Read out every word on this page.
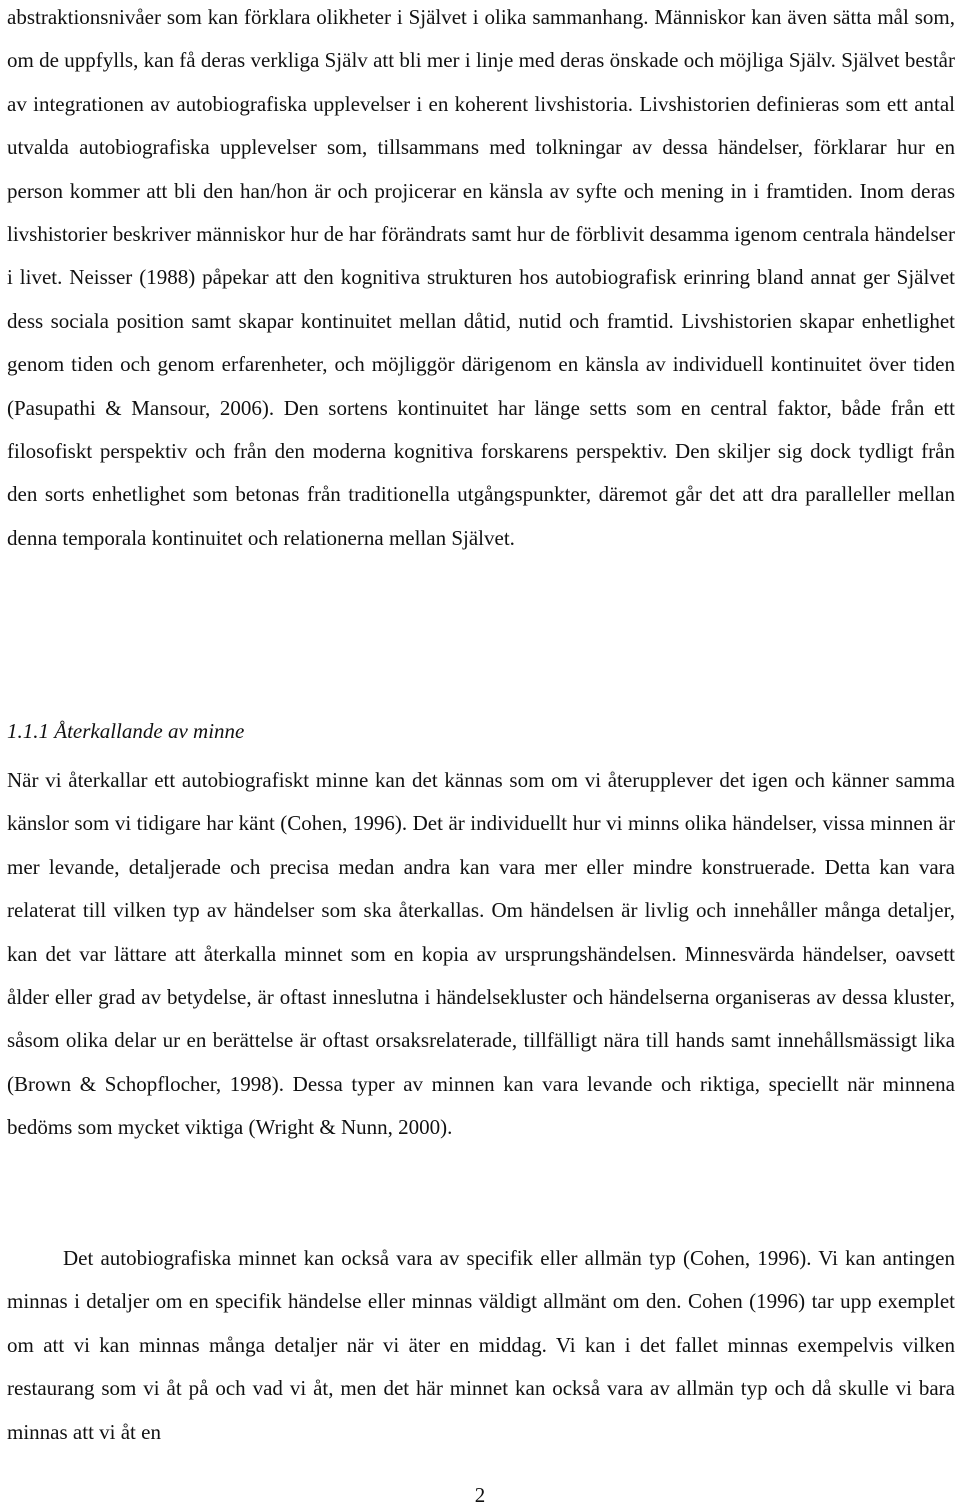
abstraktionsnivåer som kan förklara olikheter i Självet i olika sammanhang. Människor kan även sätta mål som, om de uppfylls, kan få deras verkliga Själv att bli mer i linje med deras önskade och möjliga Själv. Självet består av integrationen av autobiografiska upplevelser i en koherent livshistoria. Livshistorien definieras som ett antal utvalda autobiografiska upplevelser som, tillsammans med tolkningar av dessa händelser, förklarar hur en person kommer att bli den han/hon är och projicerar en känsla av syfte och mening in i framtiden. Inom deras livshistorier beskriver människor hur de har förändrats samt hur de förblivit desamma igenom centrala händelser i livet. Neisser (1988) påpekar att den kognitiva strukturen hos autobiografisk erinring bland annat ger Självet dess sociala position samt skapar kontinuitet mellan dåtid, nutid och framtid. Livshistorien skapar enhetlighet genom tiden och genom erfarenheter, och möjliggör därigenom en känsla av individuell kontinuitet över tiden (Pasupathi & Mansour, 2006). Den sortens kontinuitet har länge setts som en central faktor, både från ett filosofiskt perspektiv och från den moderna kognitiva forskarens perspektiv. Den skiljer sig dock tydligt från den sorts enhetlighet som betonas från traditionella utgångspunkter, däremot går det att dra paralleller mellan denna temporala kontinuitet och relationerna mellan Självet.

1.1.1 Återkallande av minne

När vi återkallar ett autobiografiskt minne kan det kännas som om vi återupplever det igen och känner samma känslor som vi tidigare har känt (Cohen, 1996). Det är individuellt hur vi minns olika händelser, vissa minnen är mer levande, detaljerade och precisa medan andra kan vara mer eller mindre konstruerade. Detta kan vara relaterat till vilken typ av händelser som ska återkallas. Om händelsen är livlig och innehåller många detaljer, kan det var lättare att återkalla minnet som en kopia av ursprungshändelsen. Minnesvärda händelser, oavsett ålder eller grad av betydelse, är oftast inneslutna i händelsekluster och händelserna organiseras av dessa kluster, såsom olika delar ur en berättelse är oftast orsaksrelaterade, tillfälligt nära till hands samt innehållsmässigt lika (Brown & Schopflocher, 1998). Dessa typer av minnen kan vara levande och riktiga, speciellt när minnena bedöms som mycket viktiga (Wright & Nunn, 2000).

Det autobiografiska minnet kan också vara av specifik eller allmän typ (Cohen, 1996). Vi kan antingen minnas i detaljer om en specifik händelse eller minnas väldigt allmänt om den. Cohen (1996) tar upp exemplet om att vi kan minnas många detaljer när vi äter en middag. Vi kan i det fallet minnas exempelvis vilken restaurang som vi åt på och vad vi åt, men det här minnet kan också vara av allmän typ och då skulle vi bara minnas att vi åt en

2
